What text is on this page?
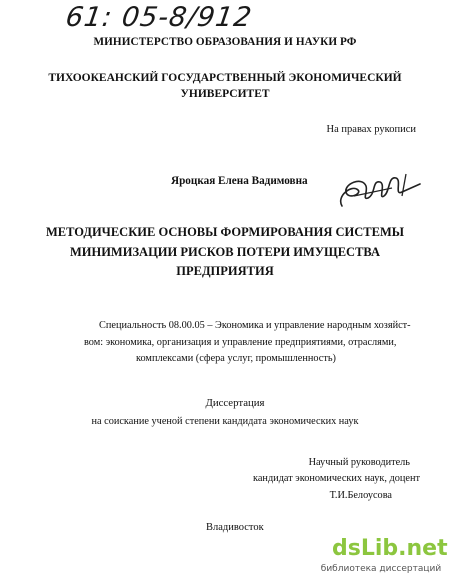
61: 05-8/912
МИНИСТЕРСТВО ОБРАЗОВАНИЯ И НАУКИ РФ
ТИХООКЕАНСКИЙ ГОСУДАРСТВЕННЫЙ ЭКОНОМИЧЕСКИЙ
УНИВЕРСИТЕТ
На правах рукописи
Яроцкая Елена Вадимовна
МЕТОДИЧЕСКИЕ ОСНОВЫ ФОРМИРОВАНИЯ СИСТЕМЫ
МИНИМИЗАЦИИ РИСКОВ ПОТЕРИ ИМУЩЕСТВА
ПРЕДПРИЯТИЯ
Специальность 08.00.05 – Экономика и управление народным хозяйст-
вом: экономика, организация и управление предприятиями, отраслями,
комплексами (сфера услуг, промышленность)
Диссертация
на соискание ученой степени кандидата экономических наук
Научный руководитель
кандидат экономических наук, доцент
Т.И.Белоусова
Владивосток
dsLib.net
библиотека диссертаций
